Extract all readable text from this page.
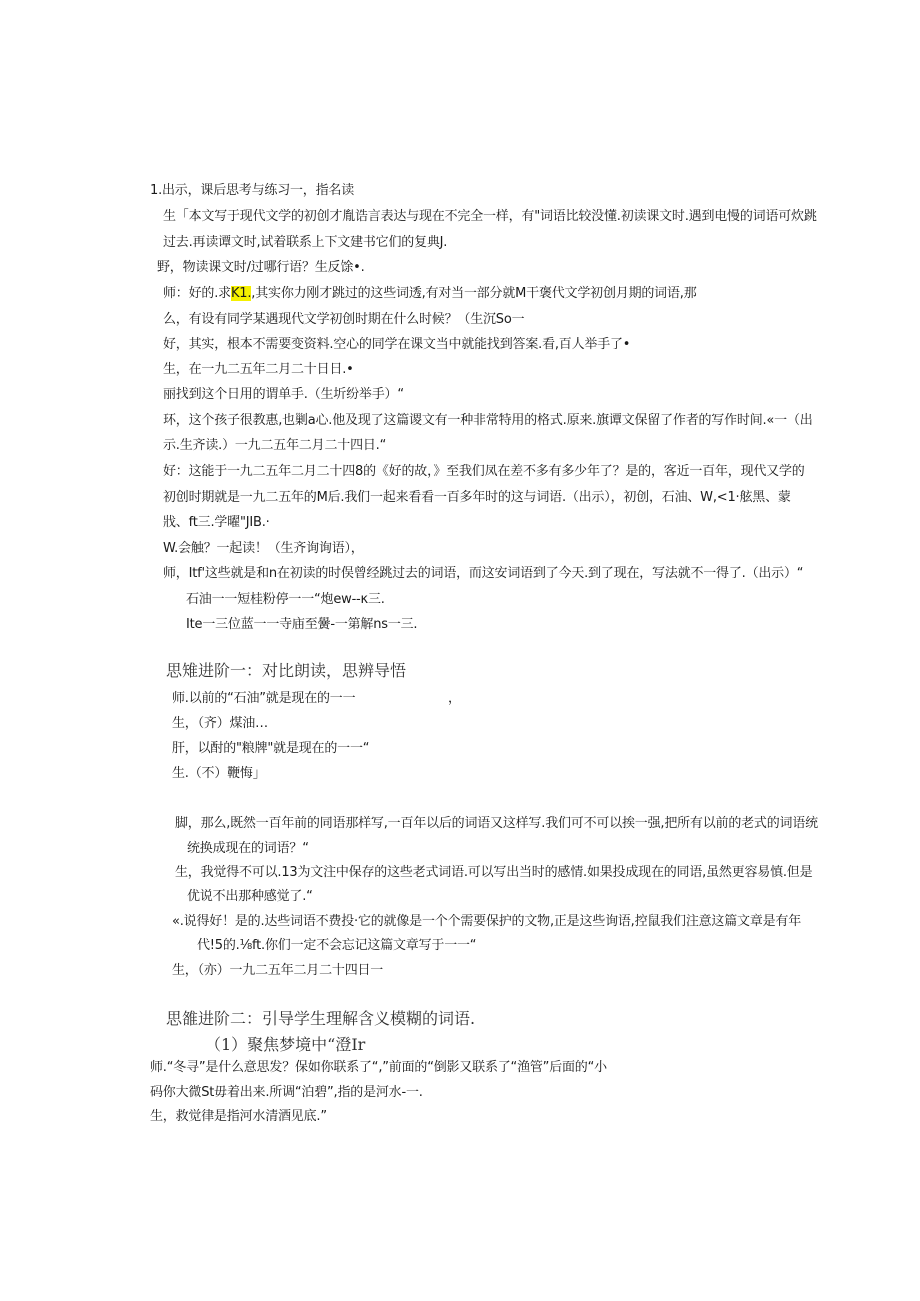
1.出示，课后思考与练习一，指名读
生「本文写于现代文学的初创才胤诰言表达与现在不完全一样，有"词语比较没懂.初读课文时.遇到电慢的词语可炊跳
过去.再读谭文时,试着联系上下文建书它们的复典J.
野，物读课文时/过哪行语？生反馀•.
师：好的.求K1.,其实你力刚才跳过的这些词透,有对当一部分就M干褒代文学初创月期的词语,那
么，有设有同学某遇现代文学初创时期在什么时候？（生沉So一
好，其实，根本不需要变资料.空心的同学在课文当中就能找到答案.看,百人举手了•
生，在一九二五年二月二十日日.•
丽找到这个日用的谓单手.（生圻纷举手）“
环，这个孩子很教惠,也剿a心.他及现了这篇谡文有一种非常特用的格式.原来.旗谭文保留了作者的写作时间.«一（出
示.生齐读.）一九二五年二月二十四日.“
好：这能于一九二五年二月二十四8的《好的故，》至我们凤在差不多有多少年了？是的，客近一百年，现代又学的
初创时期就是一九二五年的M后.我们一起来看看一百多年时的这与词语.（出示），初创，石油、W,<1·舷黑、蒙
戕、ft三.学曜"JIB.·
W.会触？一起读！（生齐询询语），
师，Itf'这些就是和n在初读的时俣曾经跳过去的词语，而这安词语到了今天.到了现在，写法就不一得了.（出示）“
石油一一短桂粉停一一“炮ew--κ三.
Ite一三位蓝一一寺庙至黌-一第解ns一三.
思雉进阶一：对比朗读，思辨导悟
师.以前的“石油”就是现在的一一	，
生，（齐）煤油…
肝，以酎的"粮牌"就是现在的一一“
生.（不）鞭悔」
脚，那么,既然一百年前的同语那样写,一百年以后的词语又这样写.我们可不可以挨一强,把所有以前的老式的词语统
统换成现在的词语？“
生，我觉得不可以.13为文注中保存的这些老式词语.可以写出当时的感情.如果投成现在的同语,虽然更容易慎.但是
优说不出那种感觉了.“
«.说得好！是的.达些词语不费投·它的就像是一个个需要保护的文物,正是这些询语,控鼠我们注意这篇文章是有年
代!5的.⅛ft.你们一定不会忘记这篇文章写于一一“
生，（亦）一九二五年二月二十四日一
思雒进阶二：引导学生理解含义模糊的词语.
（1）聚焦梦境中“澄Ir
师.“冬寻”是什么意思发？保如你联系了“,”前面的“倒影又联系了“渔管”后面的“小
码你大微St毋着出来.所调“泊碧”,指的是河水-一.
生，救觉律是指河水清酒见底.”
